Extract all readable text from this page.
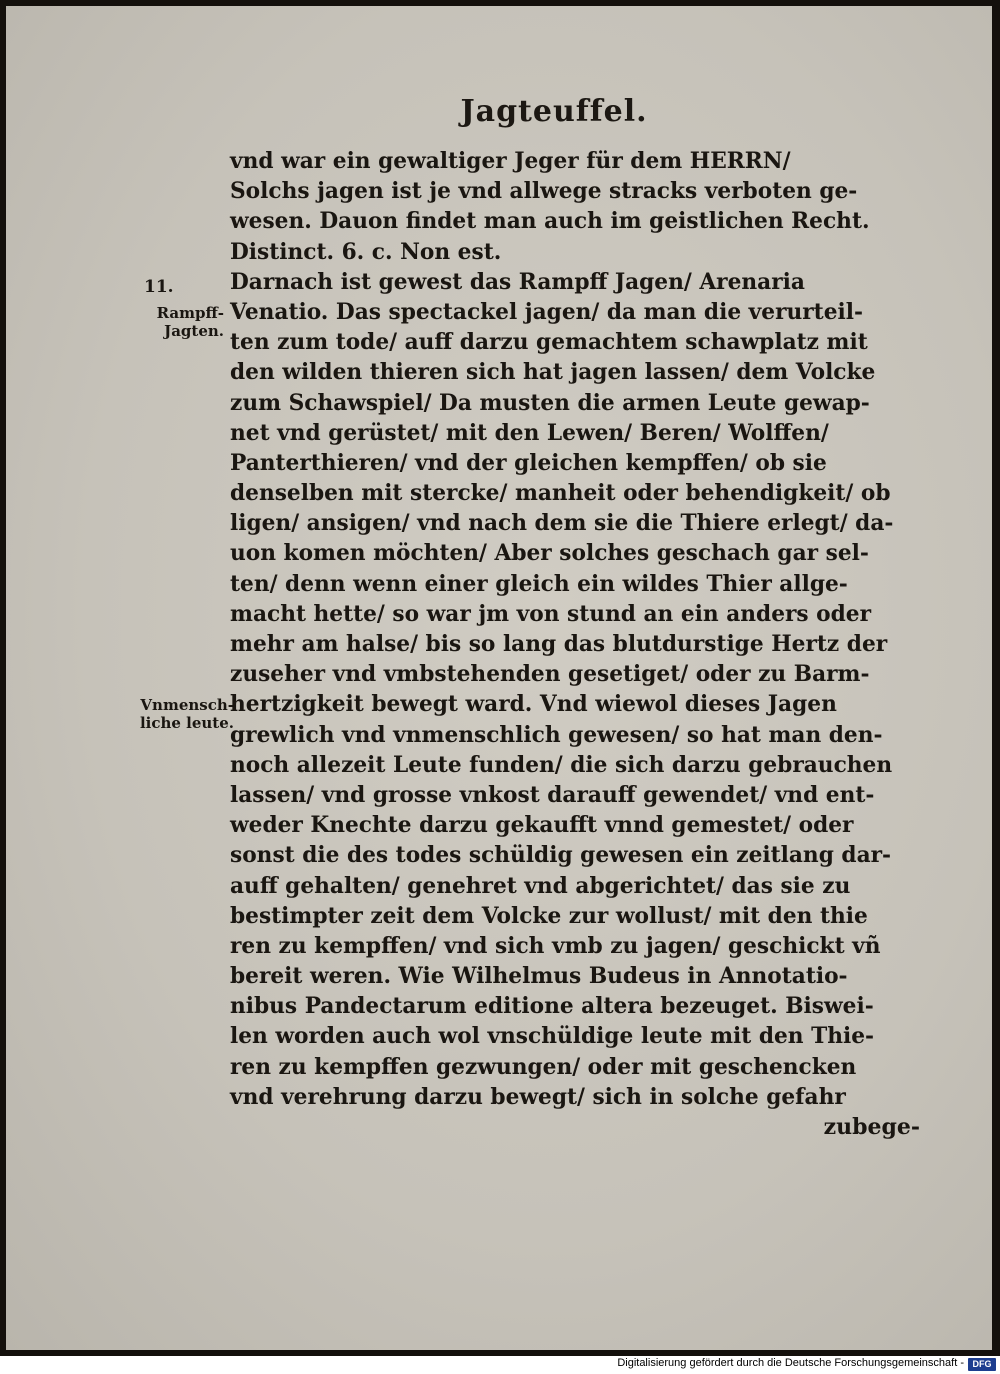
Jagteuffel.
11.
Rampff-
Jagten.
Vnmensch-
liche leute.
vnd war ein gewaltiger Jeger für dem HERRN/
Solchs jagen ist je vnd allwege stracks verboten ge-
wesen. Dauon findet man auch im geistlichen Recht.
Distinct. 6. c. Non est.
Darnach ist gewest das Rampff Jagen/ Arenaria
Venatio. Das spectackel jagen/ da man die verurteil-
ten zum tode/ auff darzu gemachtem schawplatz mit
den wilden thieren sich hat jagen lassen/ dem Volcke
zum Schawspiel/ Da musten die armen Leute gewap-
net vnd gerüstet/ mit den Lewen/ Beren/ Wolffen/
Panterthieren/ vnd der gleichen kempffen/ ob sie
denselben mit stercke/ manheit oder behendigkeit/ ob
ligen/ ansigen/ vnd nach dem sie die Thiere erlegt/ da-
uon komen möchten/ Aber solches geschach gar sel-
ten/ denn wenn einer gleich ein wildes Thier allge-
macht hette/ so war jm von stund an ein anders oder
mehr am halse/ bis so lang das blutdurstige Hertz der
zuseher vnd vmbstehenden gesetiget/ oder zu Barm-
hertzigkeit bewegt ward. Vnd wiewol dieses Jagen
grewlich vnd vnmenschlich gewesen/ so hat man den-
noch allezeit Leute funden/ die sich darzu gebrauchen
lassen/ vnd grosse vnkost darauff gewendet/ vnd ent-
weder Knechte darzu gekaufft vnnd gemestet/ oder
sonst die des todes schüldig gewesen ein zeitlang dar-
auff gehalten/ genehret vnd abgerichtet/ das sie zu
bestimpter zeit dem Volcke zur wollust/ mit den thie
ren zu kempffen/ vnd sich vmb zu jagen/ geschickt vñ
bereit weren. Wie Wilhelmus Budeus in Annotatio-
nibus Pandectarum editione altera bezeuget. Biswei-
len worden auch wol vnschüldige leute mit den Thie-
ren zu kempffen gezwungen/ oder mit geschencken
vnd verehrung darzu bewegt/ sich in solche gefahr
zubege-
Digitalisierung gefördert durch die Deutsche Forschungsgemeinschaft - DFG
